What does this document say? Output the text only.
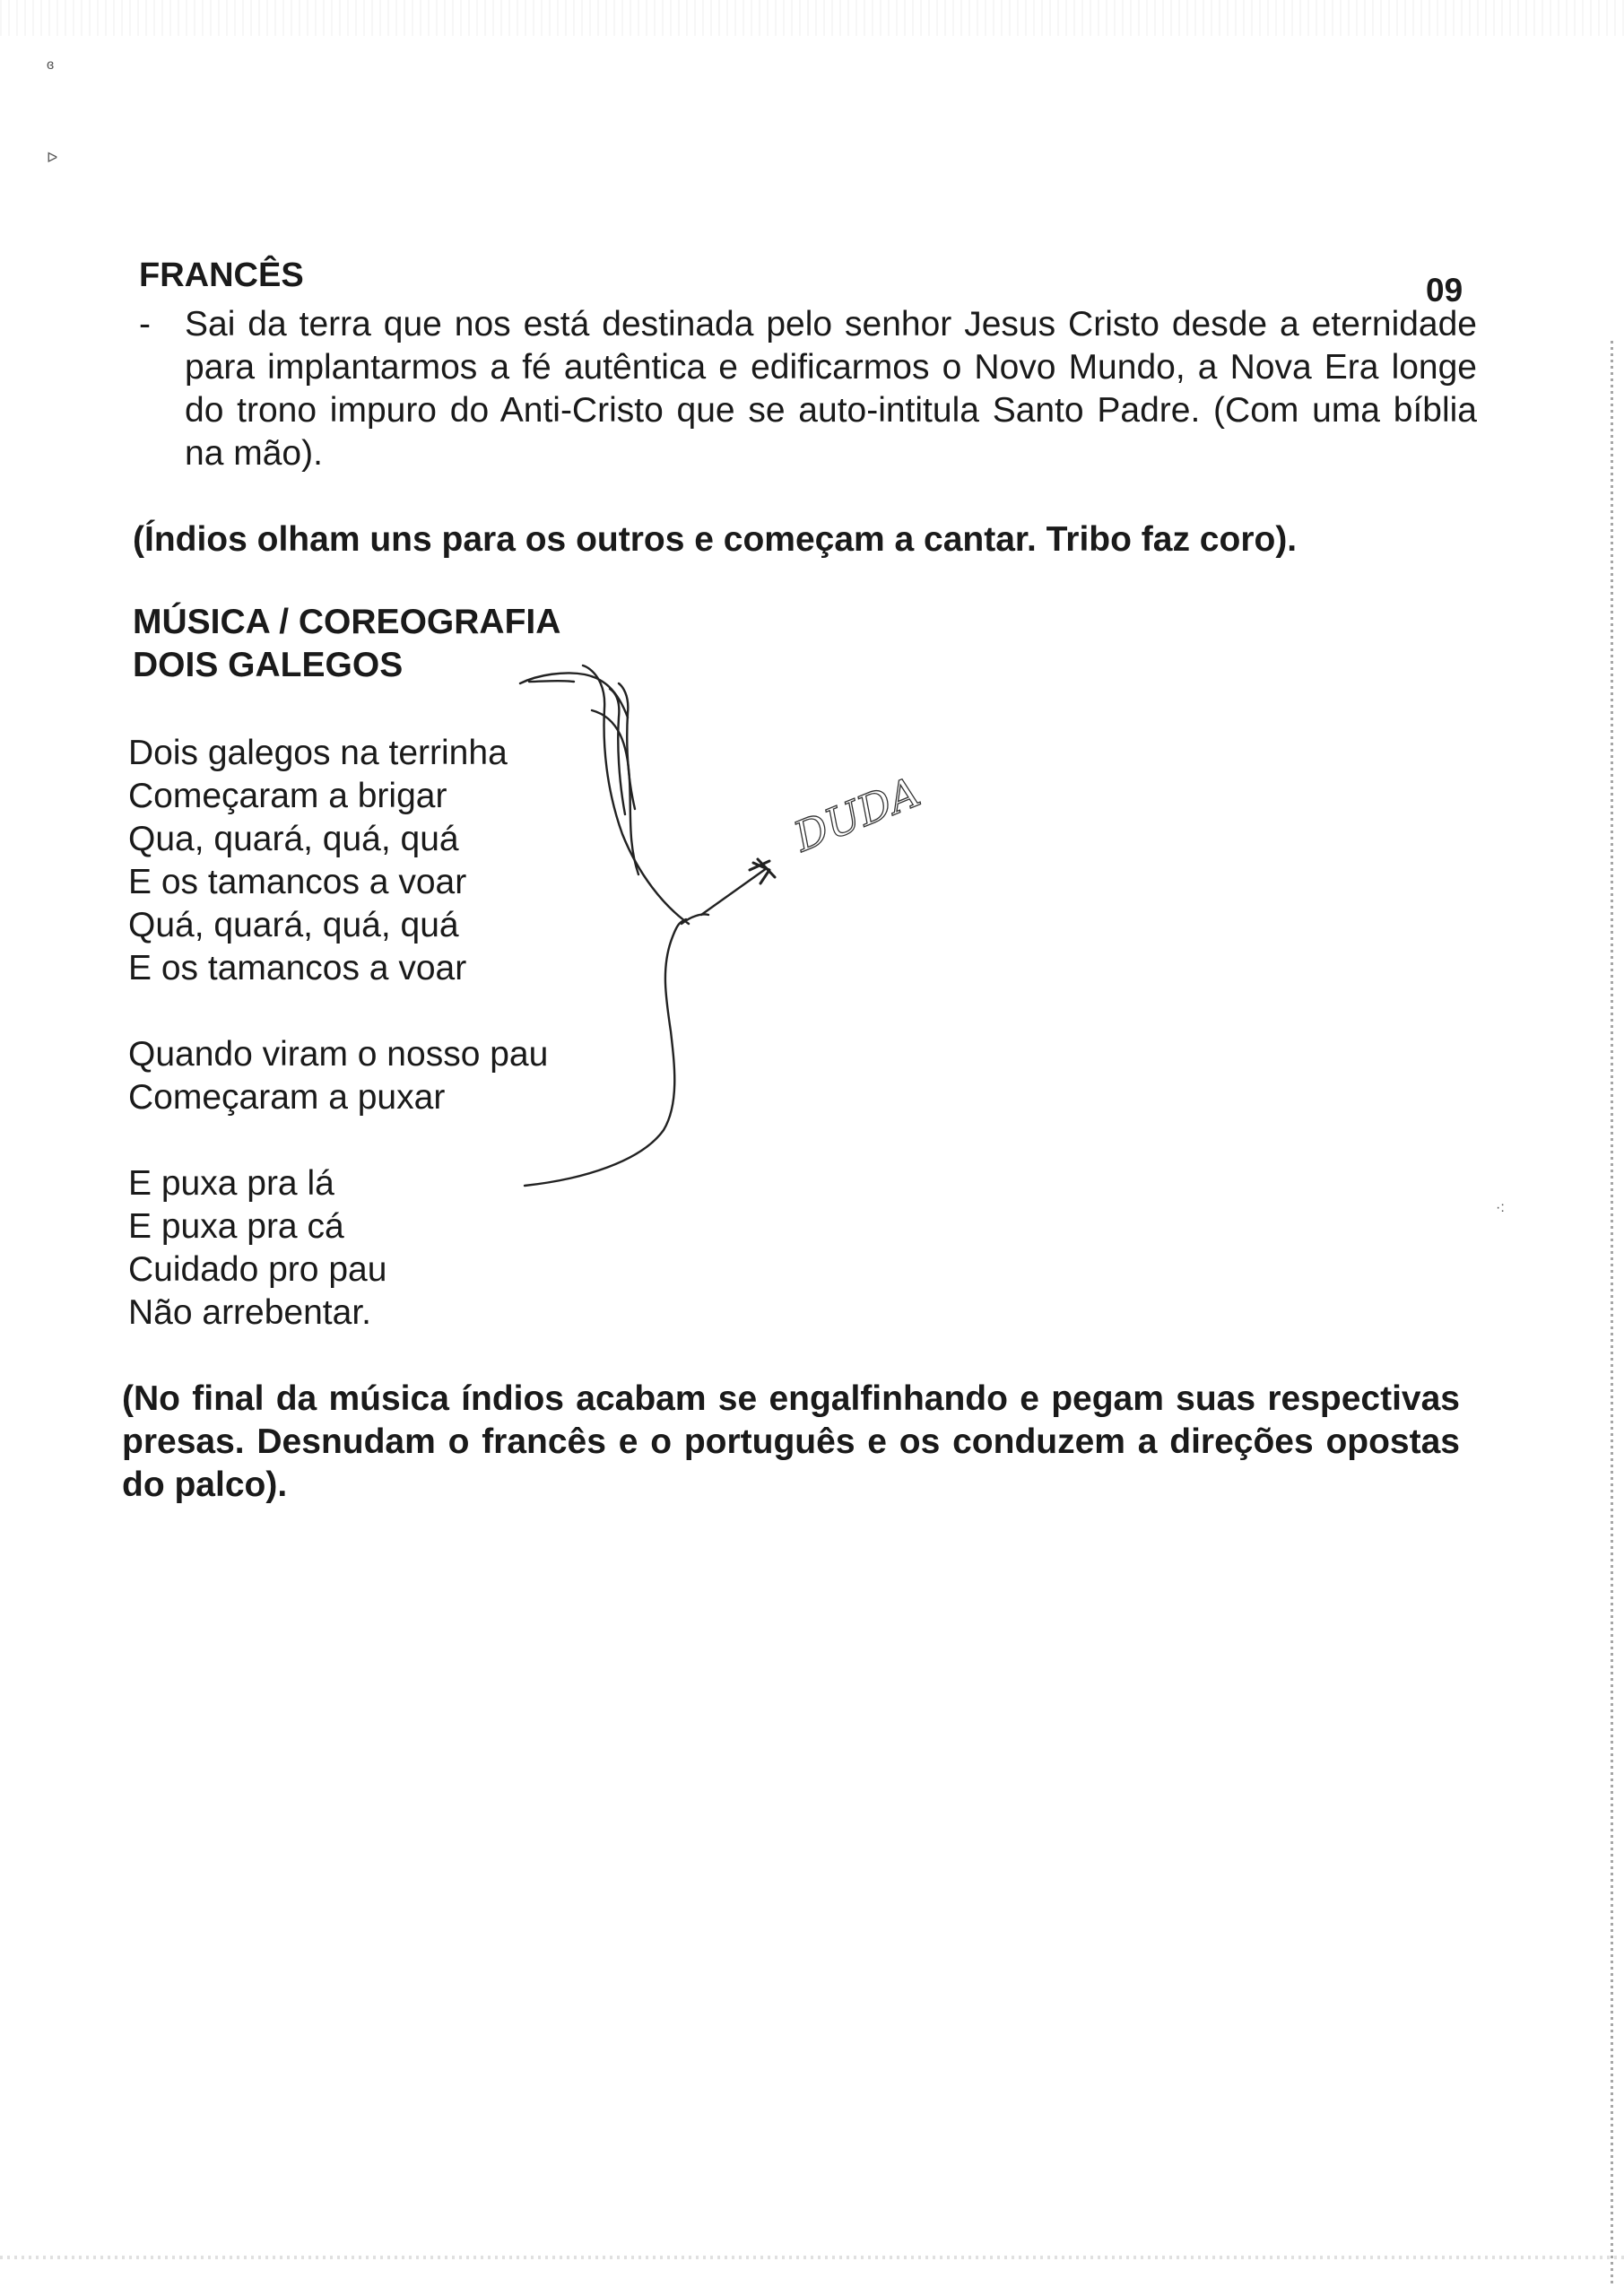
ɞ
ᐅ
·:
FRANCÊS	09

- Sai da terra que nos está destinada pelo senhor Jesus Cristo desde a eternidade para implantarmos a fé autêntica e edificarmos o Novo Mundo, a Nova Era longe do trono impuro do Anti-Cristo que se auto-intitula Santo Padre. (Com uma bíblia na mão).

(Índios olham uns para os outros e começam a cantar. Tribo faz coro).

MÚSICA / COREOGRAFIA
DOIS GALEGOS
Dois galegos na terrinha
Começaram a brigar
Qua, quará, quá, quá
E os tamancos a voar
Quá, quará, quá, quá
E os tamancos a voar
Quando viram o nosso pau
Começaram a puxar
E puxa pra lá
E puxa pra cá
Cuidado pro pau
Não arrebentar.

(No final da música índios acabam se engalfinhando e pegam suas respectivas presas. Desnudam o francês e o português e os conduzem a direções opostas do palco).

DUDA
